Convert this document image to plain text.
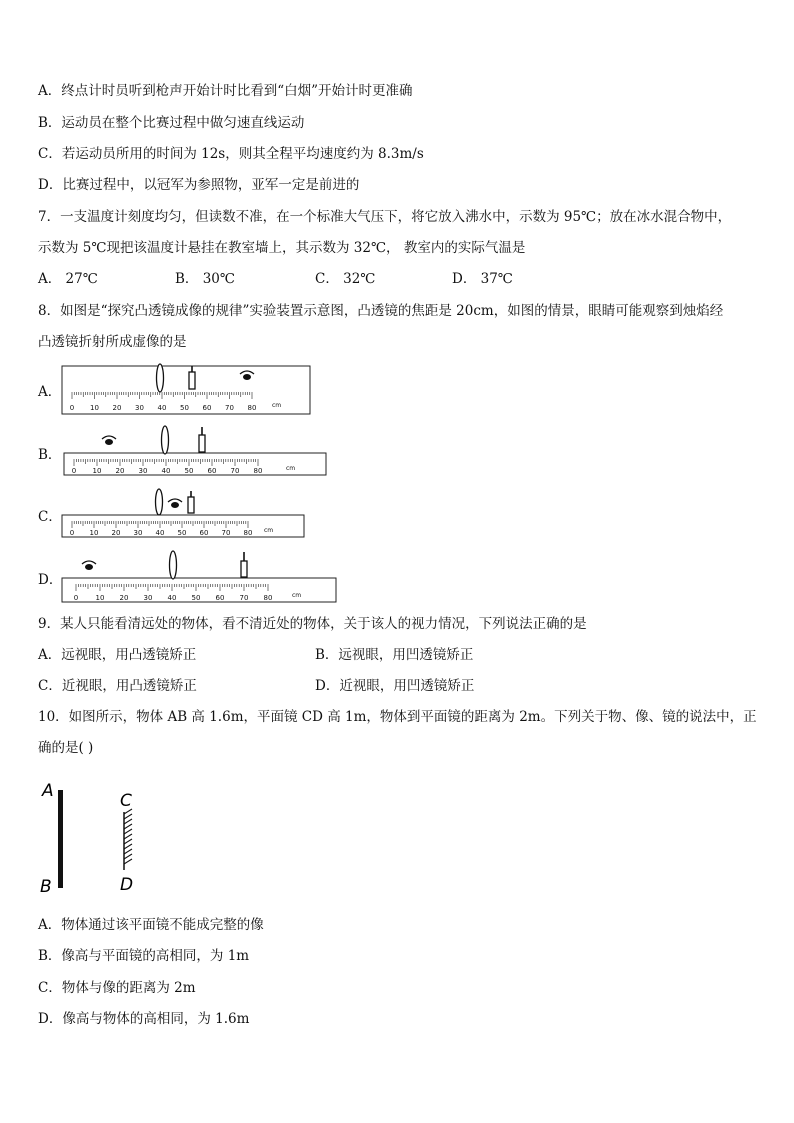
A．终点计时员听到枪声开始计时比看到“白烟”开始计时更准确
B．运动员在整个比赛过程中做匀速直线运动
C．若运动员所用的时间为 12s，则其全程平均速度约为 8.3m/s
D．比赛过程中，以冠军为参照物，亚军一定是前进的
7．一支温度计刻度均匀，但读数不准，在一个标准大气压下，将它放入沸水中，示数为 95℃；放在冰水混合物中，
示数为 5℃现把该温度计悬挂在教室墙上，其示数为 32℃， 教室内的实际气温是
A． 27℃	B． 30℃	C． 32℃	D． 37℃
8．如图是“探究凸透镜成像的规律”实验装置示意图，凸透镜的焦距是 20cm，如图的情景，眼睛可能观察到烛焰经
凸透镜折射所成虚像的是
A．
0 10 20 30 40 50 60 70 80	cm
B．
0 10 20 30 40 50 60 70 80	cm
C．
0 10 20 30 40 50 60 70 80 cm
D．
0 10 20 30 40 50 60 70 80	cm
9．某人只能看清远处的物体，看不清近处的物体，关于该人的视力情况，下列说法正确的是
A．远视眼，用凸透镜矫正	B．远视眼，用凹透镜矫正
C．近视眼，用凸透镜矫正	D．近视眼，用凹透镜矫正
10．如图所示，物体 AB 高 1.6m，平面镜 CD 高 1m，物体到平面镜的距离为 2m。下列关于物、像、镜的说法中，正
确的是( )
A
B
C
D
A．物体通过该平面镜不能成完整的像
B．像高与平面镜的高相同，为 1m
C．物体与像的距离为 2m
D．像高与物体的高相同，为 1.6m
